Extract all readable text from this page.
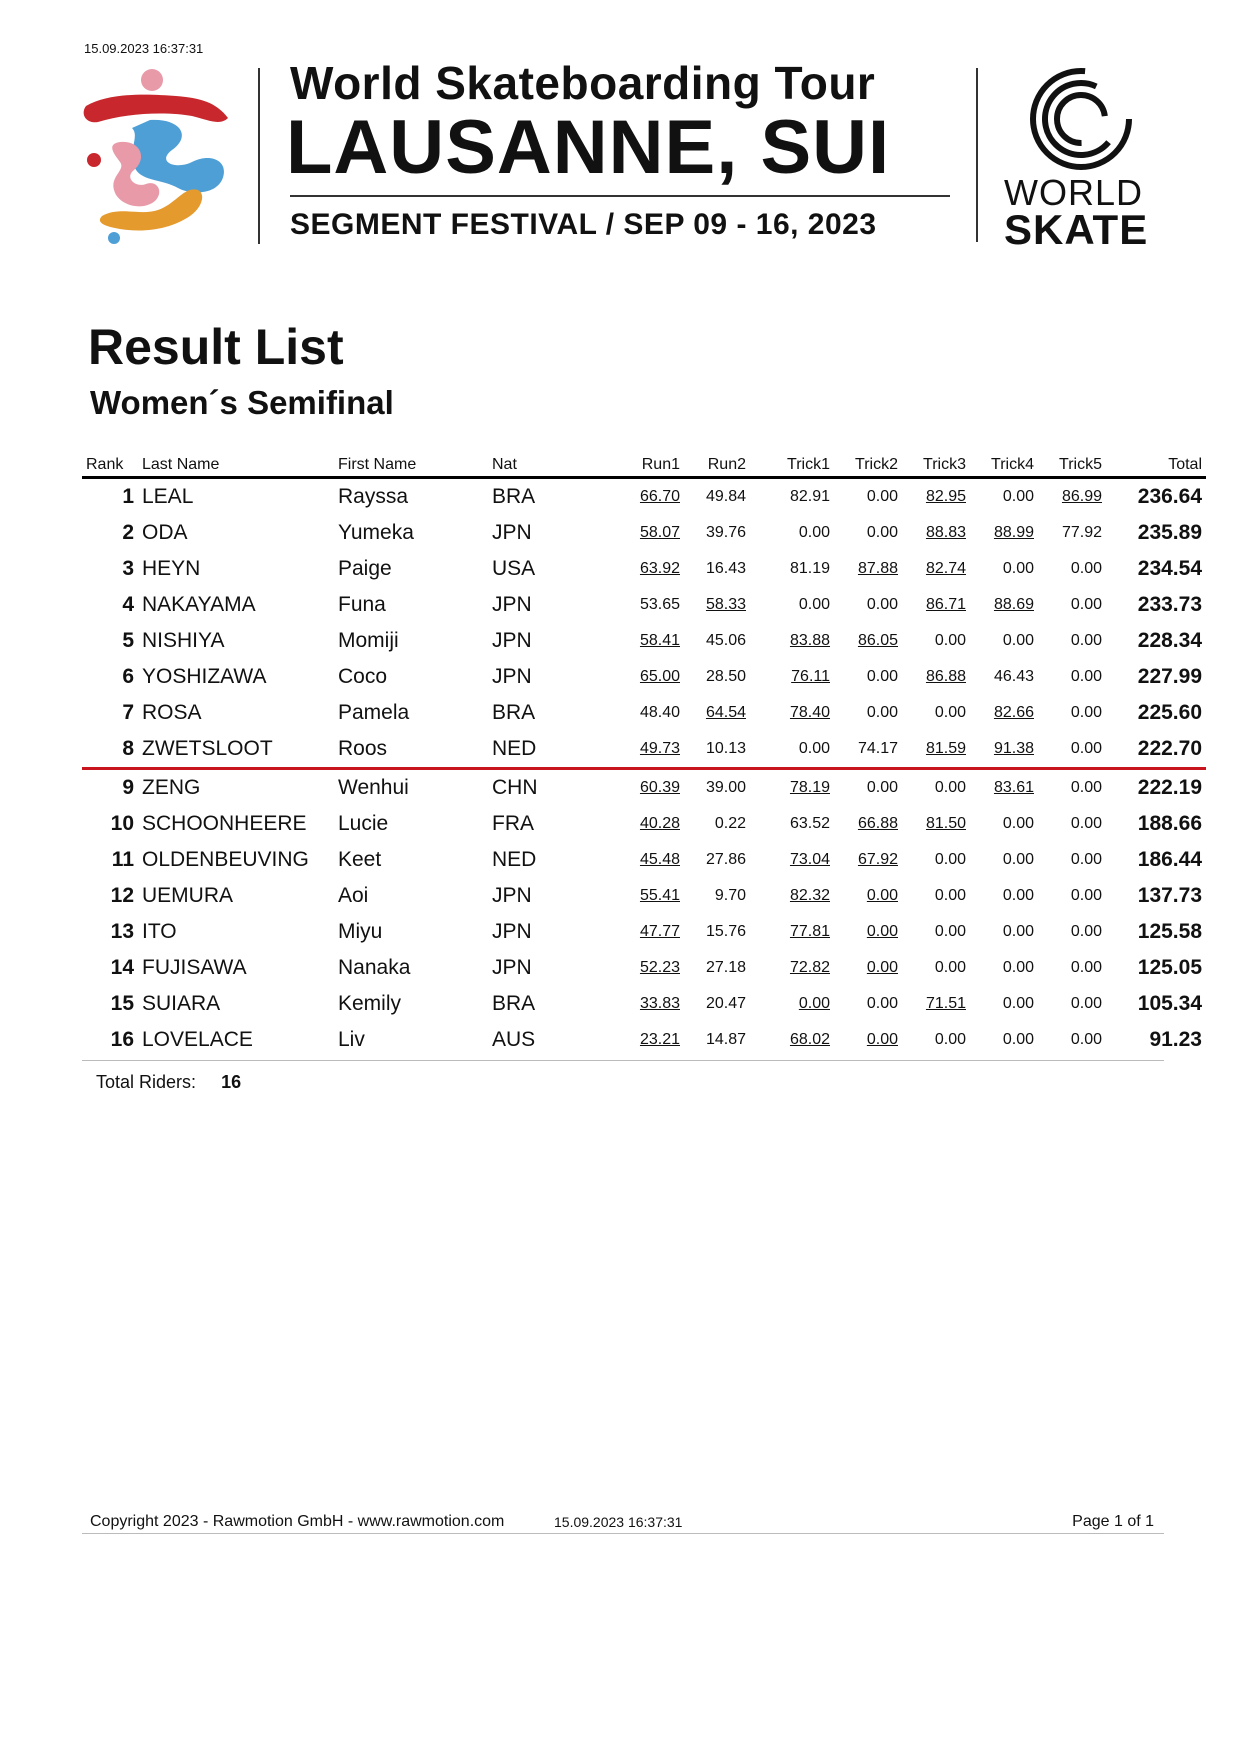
15.09.2023 16:37:31
World Skateboarding Tour
LAUSANNE, SUI
SEGMENT FESTIVAL / SEP 09 - 16, 2023
WORLD
SKATE
Result List
Women´s Semifinal
Rank	Last Name	First Name	Nat	Run1	Run2	Trick1	Trick2	Trick3	Trick4	Trick5	Total
1	LEAL	Rayssa	BRA	66.70	49.84	82.91	0.00	82.95	0.00	86.99	236.64
2	ODA	Yumeka	JPN	58.07	39.76	0.00	0.00	88.83	88.99	77.92	235.89
3	HEYN	Paige	USA	63.92	16.43	81.19	87.88	82.74	0.00	0.00	234.54
4	NAKAYAMA	Funa	JPN	53.65	58.33	0.00	0.00	86.71	88.69	0.00	233.73
5	NISHIYA	Momiji	JPN	58.41	45.06	83.88	86.05	0.00	0.00	0.00	228.34
6	YOSHIZAWA	Coco	JPN	65.00	28.50	76.11	0.00	86.88	46.43	0.00	227.99
7	ROSA	Pamela	BRA	48.40	64.54	78.40	0.00	0.00	82.66	0.00	225.60
8	ZWETSLOOT	Roos	NED	49.73	10.13	0.00	74.17	81.59	91.38	0.00	222.70
9	ZENG	Wenhui	CHN	60.39	39.00	78.19	0.00	0.00	83.61	0.00	222.19
10	SCHOONHEERE	Lucie	FRA	40.28	0.22	63.52	66.88	81.50	0.00	0.00	188.66
11	OLDENBEUVING	Keet	NED	45.48	27.86	73.04	67.92	0.00	0.00	0.00	186.44
12	UEMURA	Aoi	JPN	55.41	9.70	82.32	0.00	0.00	0.00	0.00	137.73
13	ITO	Miyu	JPN	47.77	15.76	77.81	0.00	0.00	0.00	0.00	125.58
14	FUJISAWA	Nanaka	JPN	52.23	27.18	72.82	0.00	0.00	0.00	0.00	125.05
15	SUIARA	Kemily	BRA	33.83	20.47	0.00	0.00	71.51	0.00	0.00	105.34
16	LOVELACE	Liv	AUS	23.21	14.87	68.02	0.00	0.00	0.00	0.00	91.23
Total Riders: 16
Copyright 2023 - Rawmotion GmbH - www.rawmotion.com	15.09.2023 16:37:31	Page 1 of 1
